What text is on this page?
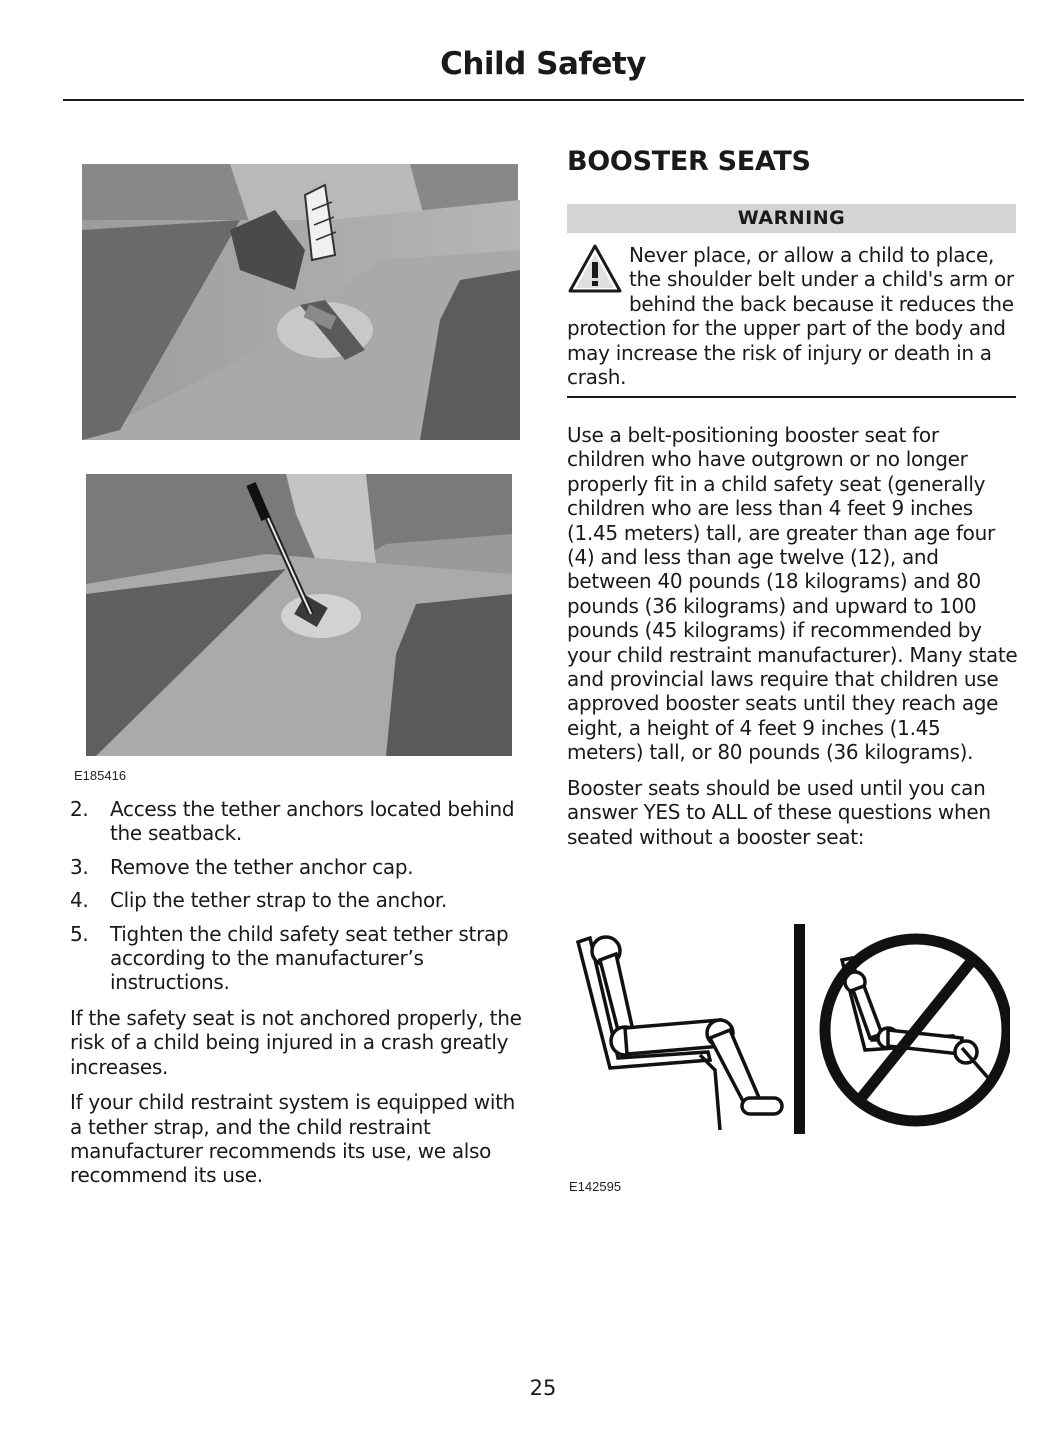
Child Safety
E185416
2. Access the tether anchors located behind the seatback.
3. Remove the tether anchor cap.
4. Clip the tether strap to the anchor.
5. Tighten the child safety seat tether strap according to the manufacturer’s instructions.

If the safety seat is not anchored properly, the risk of a child being injured in a crash greatly increases.

If your child restraint system is equipped with a tether strap, and the child restraint manufacturer recommends its use, we also recommend its use.

BOOSTER SEATS
WARNING

Never place, or allow a child to place, the shoulder belt under a child's arm or behind the back because it reduces the protection for the upper part of the body and may increase the risk of injury or death in a crash.

Use a belt-positioning booster seat for children who have outgrown or no longer properly fit in a child safety seat (generally children who are less than 4 feet 9 inches (1.45 meters) tall, are greater than age four (4) and less than age twelve (12), and between 40 pounds (18 kilograms) and 80 pounds (36 kilograms) and upward to 100 pounds (45 kilograms) if recommended by your child restraint manufacturer). Many state and provincial laws require that children use approved booster seats until they reach age eight, a height of 4 feet 9 inches (1.45 meters) tall, or 80 pounds (36 kilograms).

Booster seats should be used until you can answer YES to ALL of these questions when seated without a booster seat:

E142595
25
